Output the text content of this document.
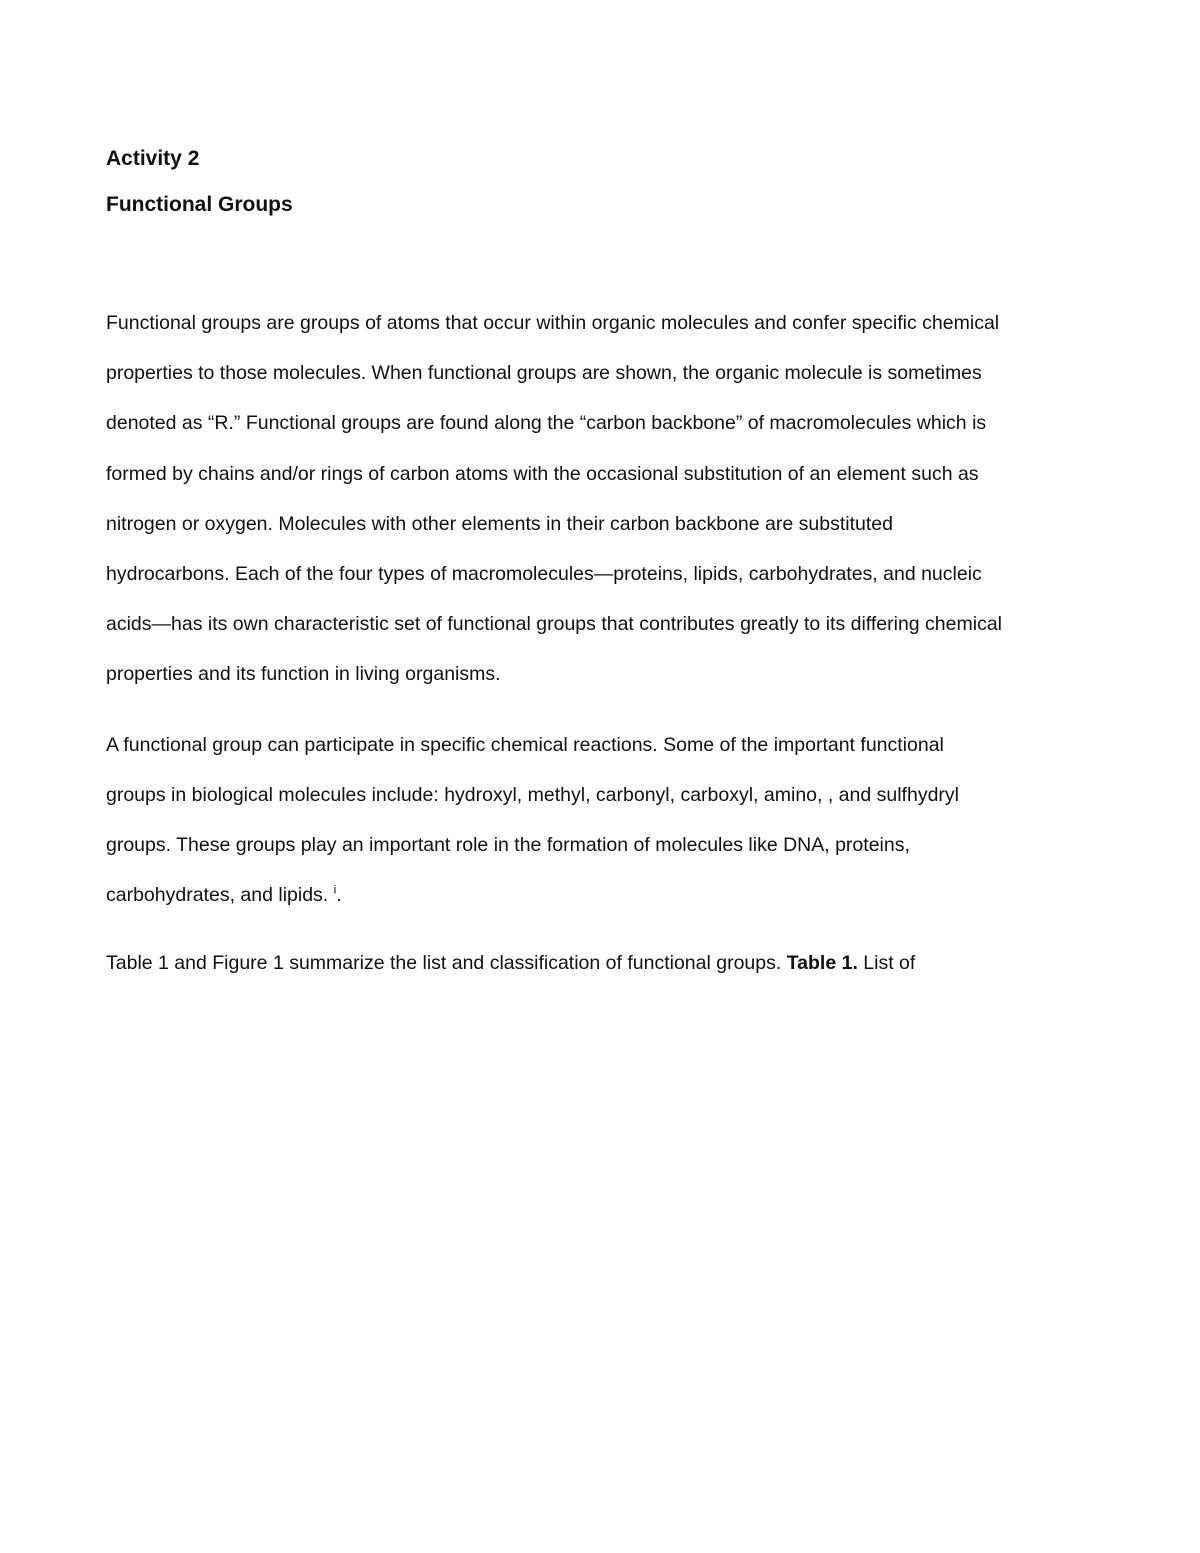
Activity 2
Functional Groups

Functional groups are groups of atoms that occur within organic molecules and confer specific chemical
properties to those molecules. When functional groups are shown, the organic molecule is sometimes
denoted as “R.” Functional groups are found along the “carbon backbone” of macromolecules which is
formed by chains and/or rings of carbon atoms with the occasional substitution of an element such as
nitrogen or oxygen. Molecules with other elements in their carbon backbone are substituted
hydrocarbons. Each of the four types of macromolecules—proteins, lipids, carbohydrates, and nucleic
acids—has its own characteristic set of functional groups that contributes greatly to its differing chemical
properties and its function in living organisms.

A functional group can participate in specific chemical reactions. Some of the important functional
groups in biological molecules include: hydroxyl, methyl, carbonyl, carboxyl, amino, , and sulfhydryl
groups. These groups play an important role in the formation of molecules like DNA, proteins,
carbohydrates, and lipids. $^i$.

Table 1 and Figure 1 summarize the list and classification of functional groups. Table 1. List of
